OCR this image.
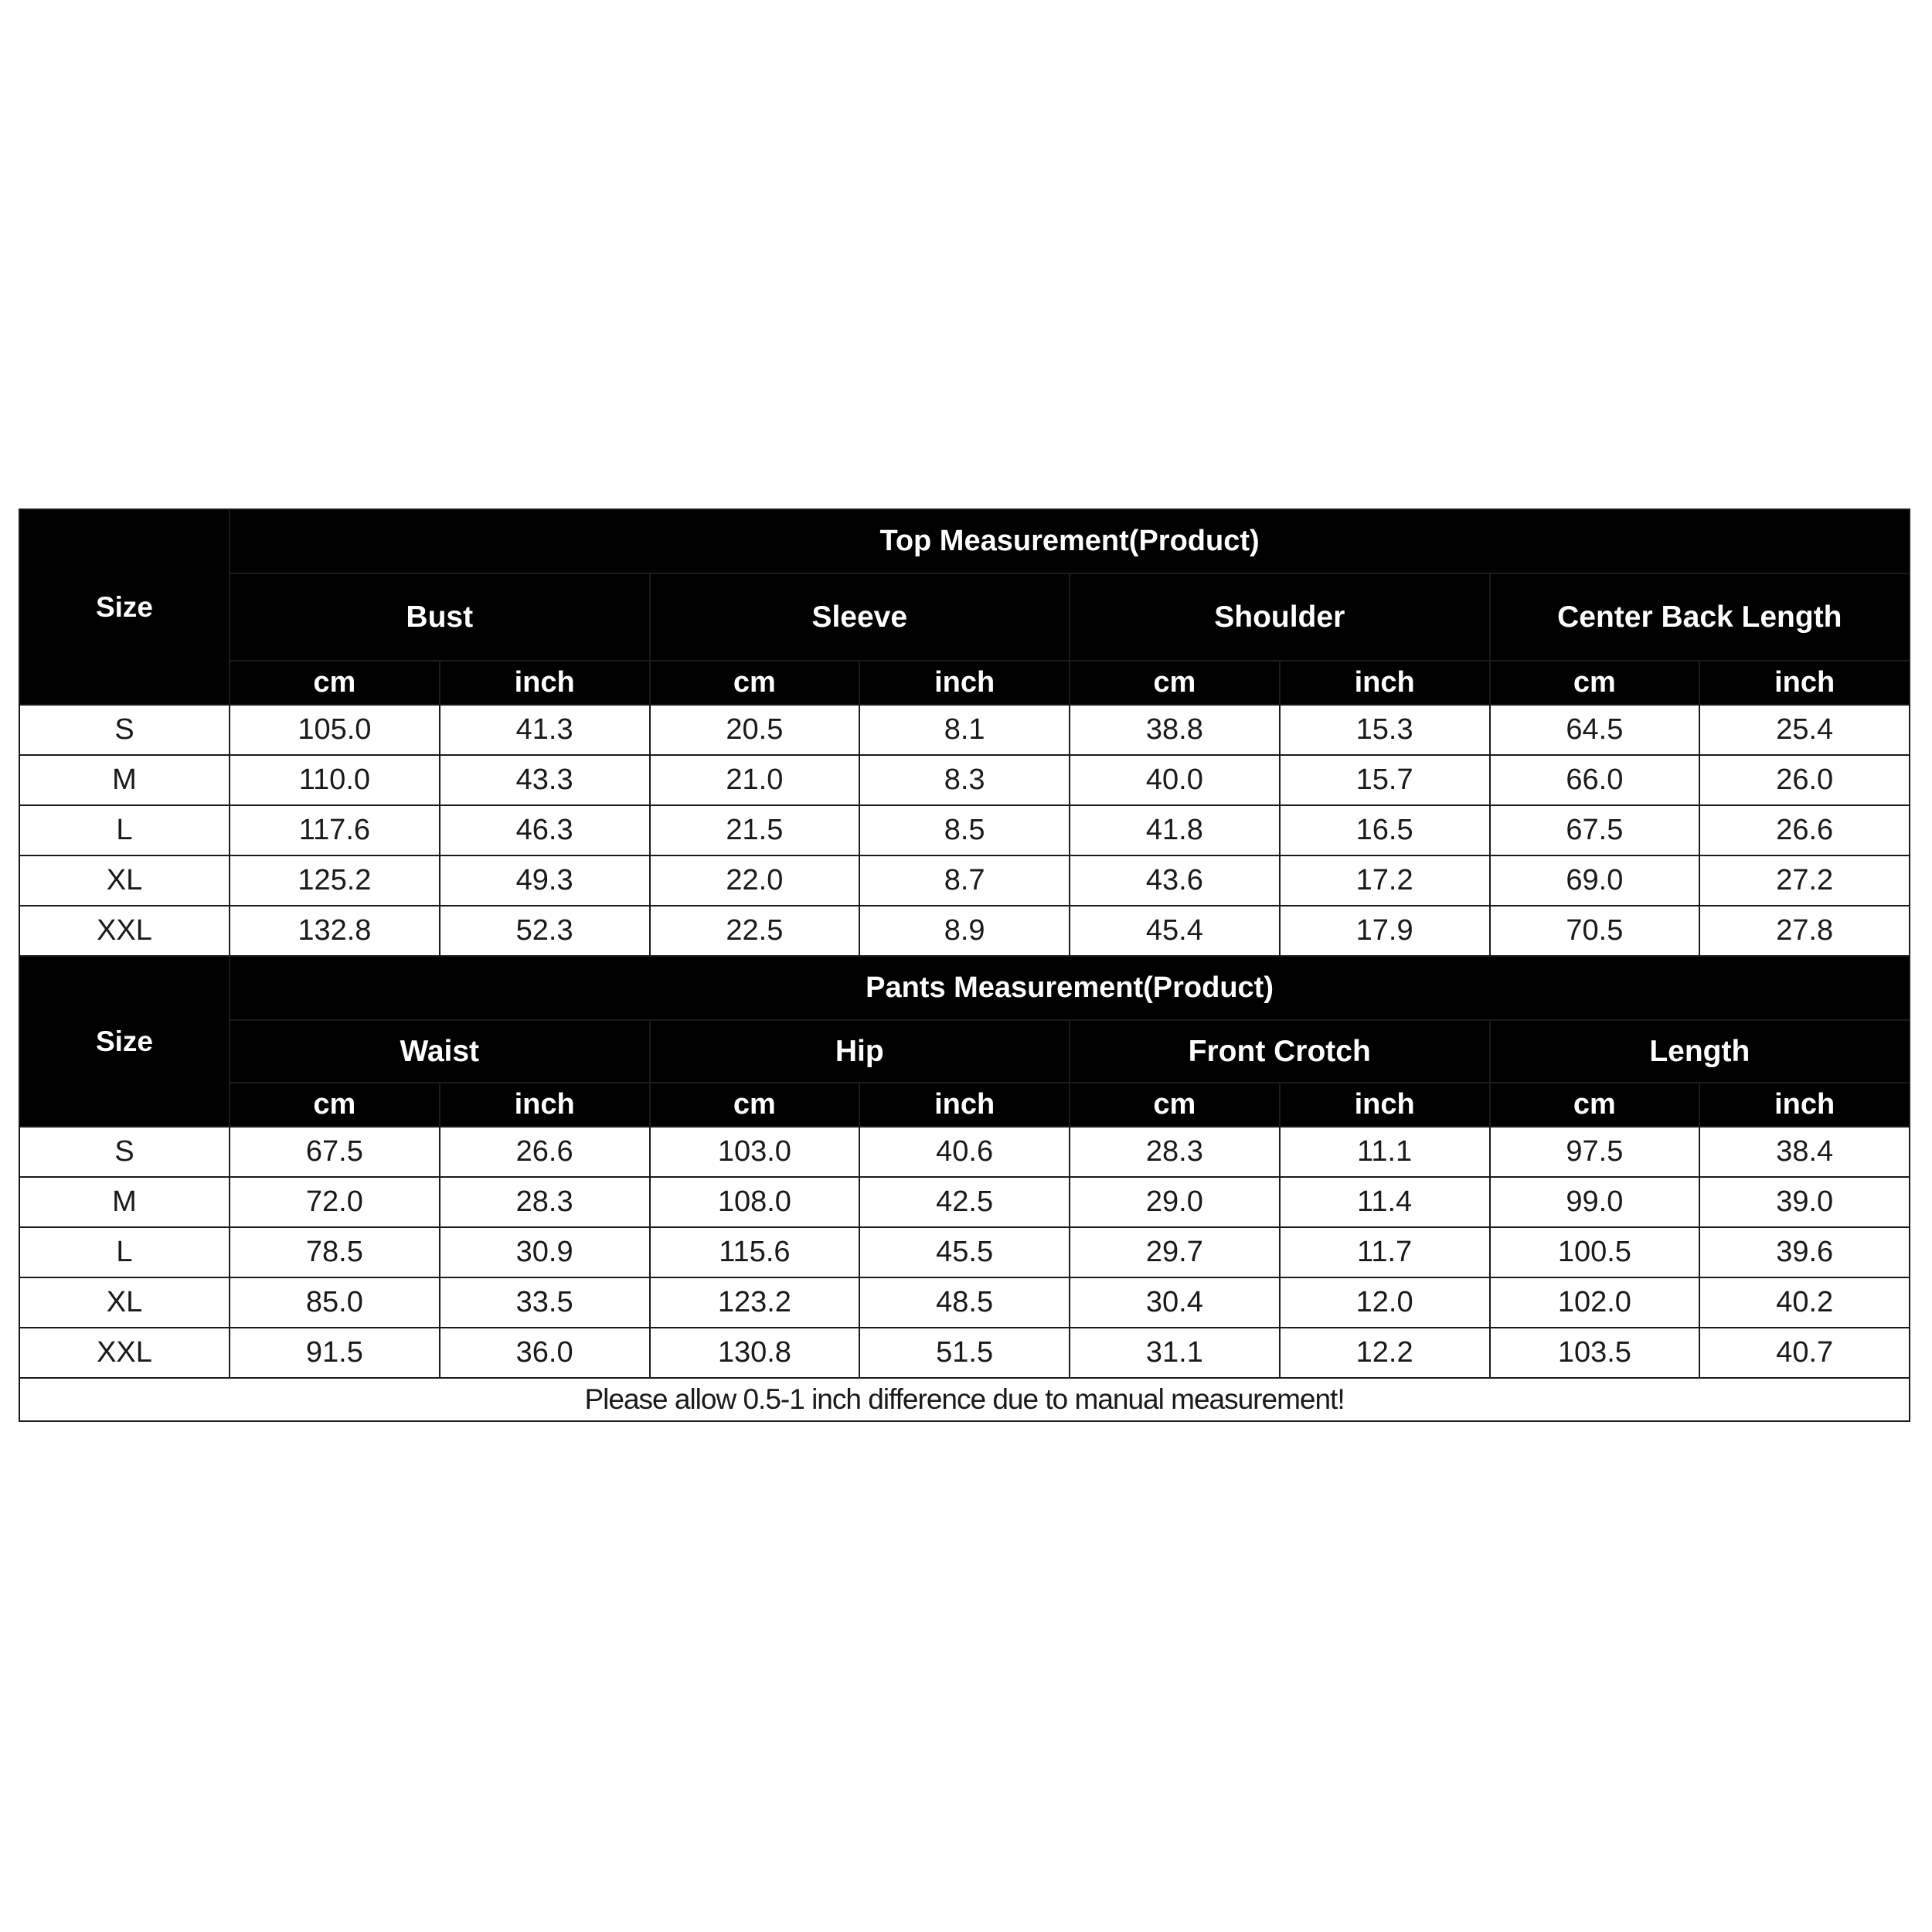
Size	Top Measurement(Product)							
	Bust		Sleeve		Shoulder		Center Back Length	
	cm	inch	cm	inch	cm	inch	cm	inch
S	105.0	41.3	20.5	8.1	38.8	15.3	64.5	25.4
M	110.0	43.3	21.0	8.3	40.0	15.7	66.0	26.0
L	117.6	46.3	21.5	8.5	41.8	16.5	67.5	26.6
XL	125.2	49.3	22.0	8.7	43.6	17.2	69.0	27.2
XXL	132.8	52.3	22.5	8.9	45.4	17.9	70.5	27.8
Size	Pants Measurement(Product)							
	Waist		Hip		Front Crotch		Length	
	cm	inch	cm	inch	cm	inch	cm	inch
S	67.5	26.6	103.0	40.6	28.3	11.1	97.5	38.4
M	72.0	28.3	108.0	42.5	29.0	11.4	99.0	39.0
L	78.5	30.9	115.6	45.5	29.7	11.7	100.5	39.6
XL	85.0	33.5	123.2	48.5	30.4	12.0	102.0	40.2
XXL	91.5	36.0	130.8	51.5	31.1	12.2	103.5	40.7
Please allow 0.5-1 inch difference due to manual measurement!								
